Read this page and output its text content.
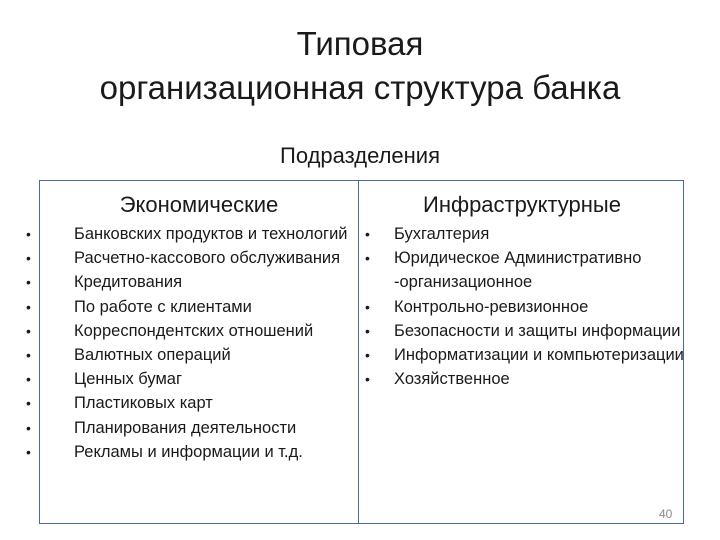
Типовая
организационная структура банка
Подразделения
Экономические	Инфраструктурные
•	Банковских продуктов и технологий
•	Расчетно-кассового обслуживания
•	Кредитования
•	По работе с клиентами
•	Корреспондентских отношений
•	Валютных операций
•	Ценных бумаг
•	Пластиковых карт
•	Планирования деятельности
•	Рекламы и информации и т.д.
• Бухгалтерия
• Юридическое Административно -организационное
• Контрольно-ревизионное
• Безопасности и защиты информации
• Информатизации и компьютеризации
• Хозяйственное
40
